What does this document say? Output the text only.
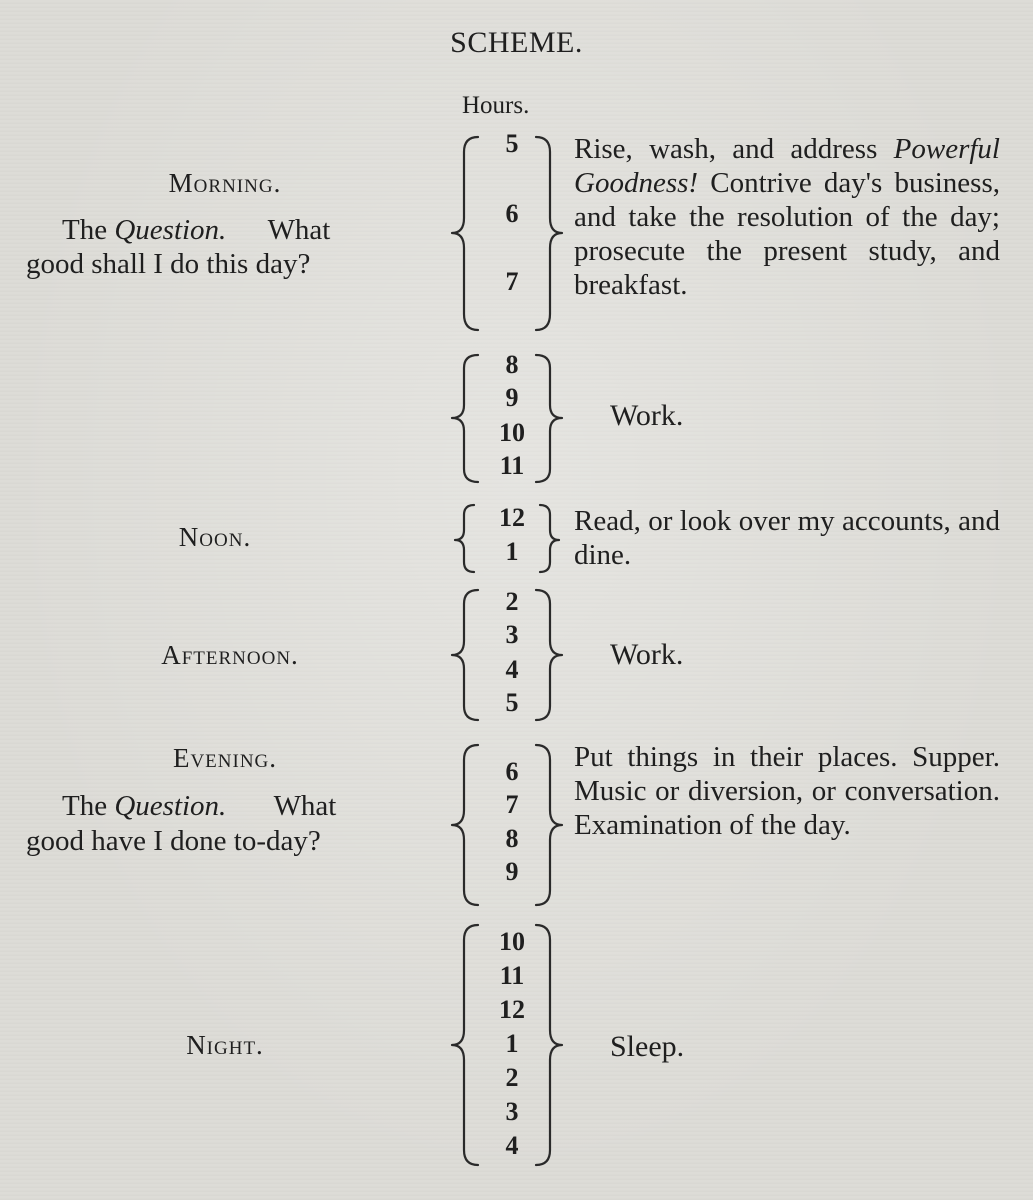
SCHEME.
Hours.
Morning.
The Question. What
good shall I do this day?
5
6
7
Rise, wash, and address Powerful Goodness! Contrive day's business, and take the resolution of the day; prosecute the present study, and breakfast.
8
9
10
11
Work.
Noon.
12
1
Read, or look over my accounts, and dine.
Afternoon.
2
3
4
5
Work.
Evening.
The Question. What
good have I done to-day?
6
7
8
9
Put things in their places. Supper. Music or diversion, or conversation. Examination of the day.
Night.
10
11
12
1
2
3
4
Sleep.
